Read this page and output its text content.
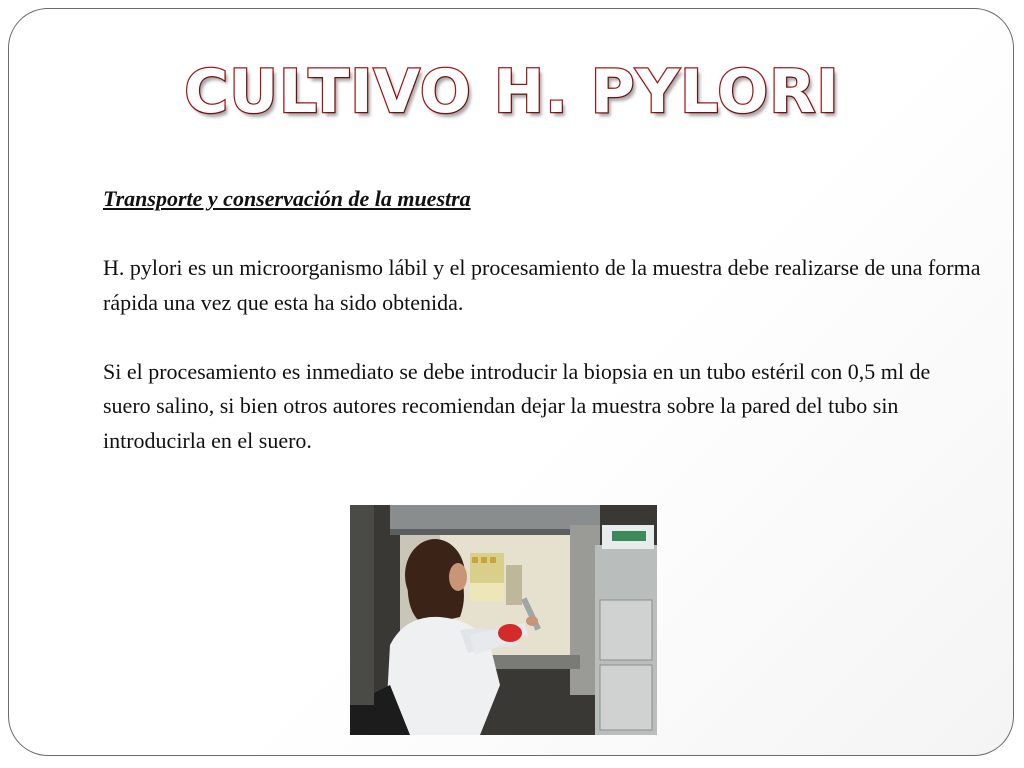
CULTIVO H. PYLORI

Transporte y conservación de la muestra

H. pylori es un microorganismo lábil y el procesamiento de la muestra debe realizarse de una forma rápida una vez que esta ha sido obtenida.

Si el procesamiento es inmediato se debe introducir la biopsia en un tubo estéril con 0,5 ml de suero salino, si bien otros autores recomiendan dejar la muestra sobre la pared del tubo sin introducirla en el suero.
